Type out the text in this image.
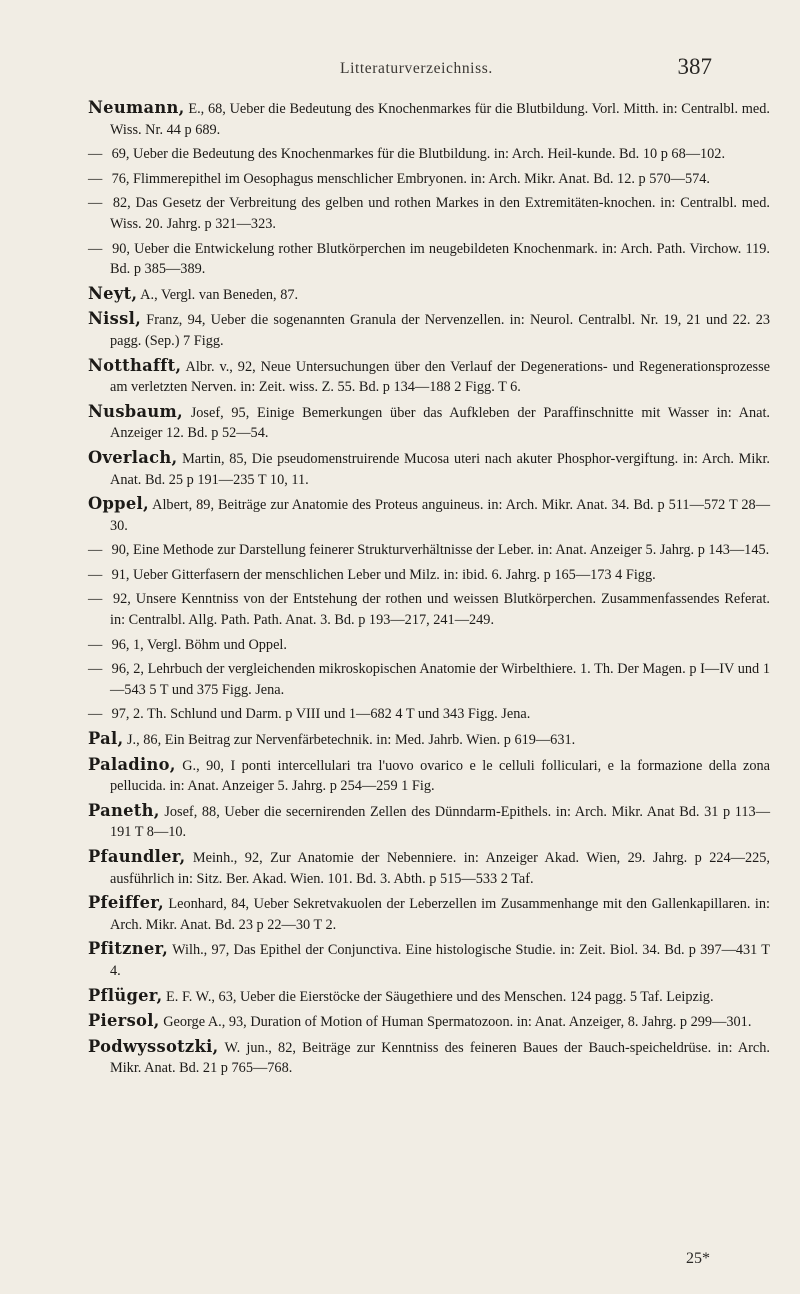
Litteraturverzeichniss.	387

Neumann, E., 68, Ueber die Bedeutung des Knochenmarkes für die Blutbildung. Vorl. Mitth. in: Centralbl. med. Wiss. Nr. 44 p 689.

— 69, Ueber die Bedeutung des Knochenmarkes für die Blutbildung. in: Arch. Heil-kunde. Bd. 10 p 68—102.

— 76, Flimmerepithel im Oesophagus menschlicher Embryonen. in: Arch. Mikr. Anat. Bd. 12. p 570—574.

— 82, Das Gesetz der Verbreitung des gelben und rothen Markes in den Extremitäten-knochen. in: Centralbl. med. Wiss. 20. Jahrg. p 321—323.

— 90, Ueber die Entwickelung rother Blutkörperchen im neugebildeten Knochenmark. in: Arch. Path. Virchow. 119. Bd. p 385—389.

Neyt, A., Vergl. van Beneden, 87.

Nissl, Franz, 94, Ueber die sogenannten Granula der Nervenzellen. in: Neurol. Centralbl. Nr. 19, 21 und 22. 23 pagg. (Sep.) 7 Figg.

Notthafft, Albr. v., 92, Neue Untersuchungen über den Verlauf der Degenerations- und Regenerationsprozesse am verletzten Nerven. in: Zeit. wiss. Z. 55. Bd. p 134—188 2 Figg. T 6.

Nusbaum, Josef, 95, Einige Bemerkungen über das Aufkleben der Paraffinschnitte mit Wasser in: Anat. Anzeiger 12. Bd. p 52—54.

Overlach, Martin, 85, Die pseudomenstruirende Mucosa uteri nach akuter Phosphor-vergiftung. in: Arch. Mikr. Anat. Bd. 25 p 191—235 T 10, 11.

Oppel, Albert, 89, Beiträge zur Anatomie des Proteus anguineus. in: Arch. Mikr. Anat. 34. Bd. p 511—572 T 28—30.

— 90, Eine Methode zur Darstellung feinerer Strukturverhältnisse der Leber. in: Anat. Anzeiger 5. Jahrg. p 143—145.

— 91, Ueber Gitterfasern der menschlichen Leber und Milz. in: ibid. 6. Jahrg. p 165—173 4 Figg.

— 92, Unsere Kenntniss von der Entstehung der rothen und weissen Blutkörperchen. Zusammenfassendes Referat. in: Centralbl. Allg. Path. Path. Anat. 3. Bd. p 193—217, 241—249.

— 96, 1, Vergl. Böhm und Oppel.

— 96, 2, Lehrbuch der vergleichenden mikroskopischen Anatomie der Wirbelthiere. 1. Th. Der Magen. p I—IV und 1—543 5 T und 375 Figg. Jena.

— 97, 2. Th. Schlund und Darm. p VIII und 1—682 4 T und 343 Figg. Jena.

Pal, J., 86, Ein Beitrag zur Nervenfärbetechnik. in: Med. Jahrb. Wien. p 619—631.

Paladino, G., 90, I ponti intercellulari tra l'uovo ovarico e le celluli folliculari, e la formazione della zona pellucida. in: Anat. Anzeiger 5. Jahrg. p 254—259 1 Fig.

Paneth, Josef, 88, Ueber die secernirenden Zellen des Dünndarm-Epithels. in: Arch. Mikr. Anat Bd. 31 p 113—191 T 8—10.

Pfaundler, Meinh., 92, Zur Anatomie der Nebenniere. in: Anzeiger Akad. Wien, 29. Jahrg. p 224—225, ausführlich in: Sitz. Ber. Akad. Wien. 101. Bd. 3. Abth. p 515—533 2 Taf.

Pfeiffer, Leonhard, 84, Ueber Sekretvakuolen der Leberzellen im Zusammenhange mit den Gallenkapillaren. in: Arch. Mikr. Anat. Bd. 23 p 22—30 T 2.

Pfitzner, Wilh., 97, Das Epithel der Conjunctiva. Eine histologische Studie. in: Zeit. Biol. 34. Bd. p 397—431 T 4.

Pflüger, E. F. W., 63, Ueber die Eierstöcke der Säugethiere und des Menschen. 124 pagg. 5 Taf. Leipzig.

Piersol, George A., 93, Duration of Motion of Human Spermatozoon. in: Anat. Anzeiger, 8. Jahrg. p 299—301.

Podwyssotzki, W. jun., 82, Beiträge zur Kenntniss des feineren Baues der Bauch-speicheldrüse. in: Arch. Mikr. Anat. Bd. 21 p 765—768.

25*
